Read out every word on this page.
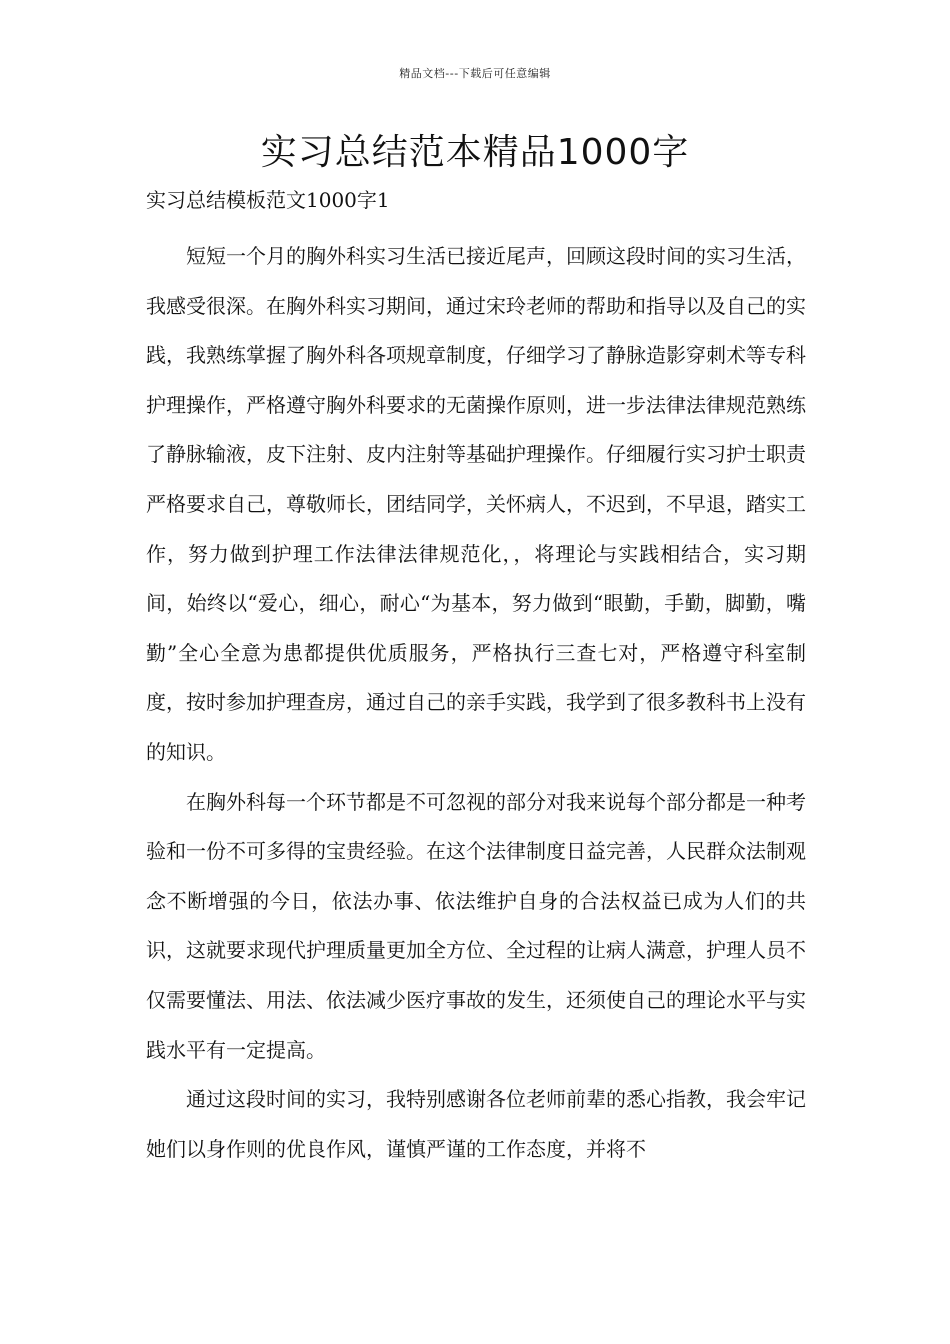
精品文档---下载后可任意编辑
实习总结范本精品1000字
实习总结模板范文1000字1

短短一个月的胸外科实习生活已接近尾声，回顾这段时间的实习生活，我感受很深。在胸外科实习期间，通过宋玲老师的帮助和指导以及自己的实践，我熟练掌握了胸外科各项规章制度，仔细学习了静脉造影穿刺术等专科护理操作，严格遵守胸外科要求的无菌操作原则，进一步法律法律规范熟练了静脉输液，皮下注射、皮内注射等基础护理操作。仔细履行实习护士职责严格要求自己，尊敬师长，团结同学，关怀病人，不迟到，不早退，踏实工作，努力做到护理工作法律法律规范化，，将理论与实践相结合，实习期间，始终以“爱心，细心，耐心“为基本，努力做到“眼勤，手勤，脚勤，嘴勤”全心全意为患都提供优质服务，严格执行三查七对，严格遵守科室制度，按时参加护理查房，通过自己的亲手实践，我学到了很多教科书上没有的知识。

在胸外科每一个环节都是不可忽视的部分对我来说每个部分都是一种考验和一份不可多得的宝贵经验。在这个法律制度日益完善，人民群众法制观念不断增强的今日，依法办事、依法维护自身的合法权益已成为人们的共识，这就要求现代护理质量更加全方位、全过程的让病人满意，护理人员不仅需要懂法、用法、依法减少医疗事故的发生，还须使自己的理论水平与实践水平有一定提高。

通过这段时间的实习，我特别感谢各位老师前辈的悉心指教，我会牢记她们以身作则的优良作风，谨慎严谨的工作态度，并将不
